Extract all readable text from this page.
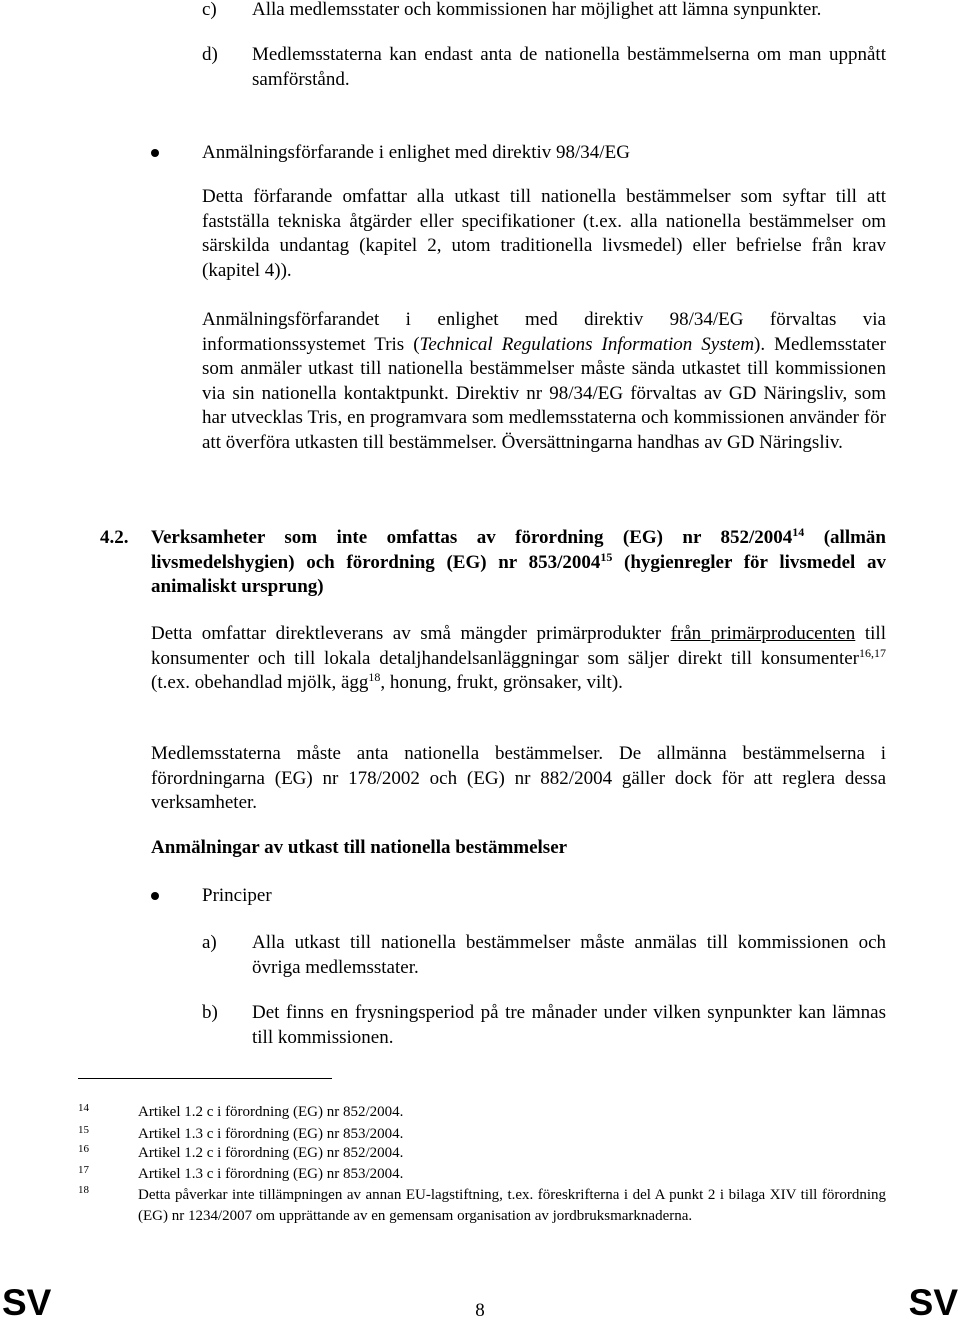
c) Alla medlemsstater och kommissionen har möjlighet att lämna synpunkter.

d) Medlemsstaterna kan endast anta de nationella bestämmelserna om man uppnått samförstånd.

Anmälningsförfarande i enlighet med direktiv 98/34/EG

Detta förfarande omfattar alla utkast till nationella bestämmelser som syftar till att fastställa tekniska åtgärder eller specifikationer (t.ex. alla nationella bestämmelser om särskilda undantag (kapitel 2, utom traditionella livsmedel) eller befrielse från krav (kapitel 4)).

Anmälningsförfarandet i enlighet med direktiv 98/34/EG förvaltas via informationssystemet Tris (Technical Regulations Information System). Medlemsstater som anmäler utkast till nationella bestämmelser måste sända utkastet till kommissionen via sin nationella kontaktpunkt. Direktiv nr 98/34/EG förvaltas av GD Näringsliv, som har utvecklas Tris, en programvara som medlemsstaterna och kommissionen använder för att överföra utkasten till bestämmelser. Översättningarna handhas av GD Näringsliv.

4.2. Verksamheter som inte omfattas av förordning (EG) nr 852/2004$^{14}$ (allmän livsmedelshygien) och förordning (EG) nr 853/2004$^{15}$ (hygienregler för livsmedel av animaliskt ursprung)

Detta omfattar direktleverans av små mängder primärprodukter från primärproducenten till konsumenter och till lokala detaljhandelsanläggningar som säljer direkt till konsumenter$^{16,17}$ (t.ex. obehandlad mjölk, ägg$^{18}$, honung, frukt, grönsaker, vilt).

Medlemsstaterna måste anta nationella bestämmelser. De allmänna bestämmelserna i förordningarna (EG) nr 178/2002 och (EG) nr 882/2004 gäller dock för att reglera dessa verksamheter.

Anmälningar av utkast till nationella bestämmelser

Principer

a) Alla utkast till nationella bestämmelser måste anmälas till kommissionen och övriga medlemsstater.

b) Det finns en frysningsperiod på tre månader under vilken synpunkter kan lämnas till kommissionen.

14	Artikel 1.2 c i förordning (EG) nr 852/2004.
15	Artikel 1.3 c i förordning (EG) nr 853/2004.
16	Artikel 1.2 c i förordning (EG) nr 852/2004.
17	Artikel 1.3 c i förordning (EG) nr 853/2004.
18	Detta påverkar inte tillämpningen av annan EU-lagstiftning, t.ex. föreskrifterna i del A punkt 2 i bilaga XIV till förordning (EG) nr 1234/2007 om upprättande av en gemensam organisation av jordbruksmarknaderna.
SV	8	SV
